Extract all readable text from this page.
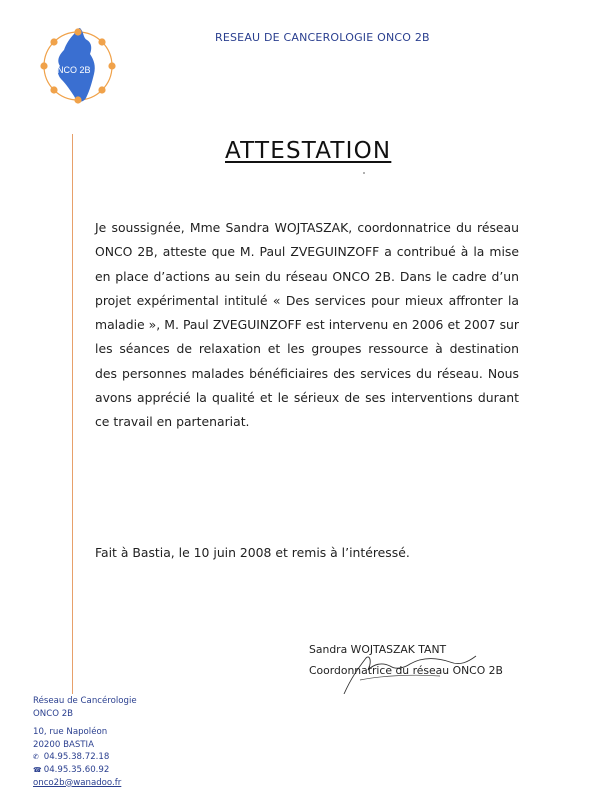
ONCO 2B
RESEAU DE CANCEROLOGIE ONCO 2B
ATTESTATION
Je soussignée, Mme Sandra WOJTASZAK, coordonnatrice du réseau ONCO 2B, atteste que M. Paul ZVEGUINZOFF a contribué à la mise en place d’actions au sein du réseau ONCO 2B. Dans le cadre d’un projet expérimental intitulé « Des services pour mieux affronter la maladie », M. Paul ZVEGUINZOFF est intervenu en 2006 et 2007 sur les séances de relaxation et les groupes ressource à destination des personnes malades bénéficiaires des services du réseau. Nous avons apprécié la qualité et le sérieux de ses interventions durant ce travail en partenariat.
Fait à Bastia, le 10 juin 2008 et remis à l’intéressé.
Sandra WOJTASZAK TANT
Coordonnatrice du réseau ONCO 2B
Réseau de Cancérologie
ONCO 2B
10, rue Napoléon
20200 BASTIA
✆ 04.95.38.72.18
☎ 04.95.35.60.92
onco2b@wanadoo.fr
